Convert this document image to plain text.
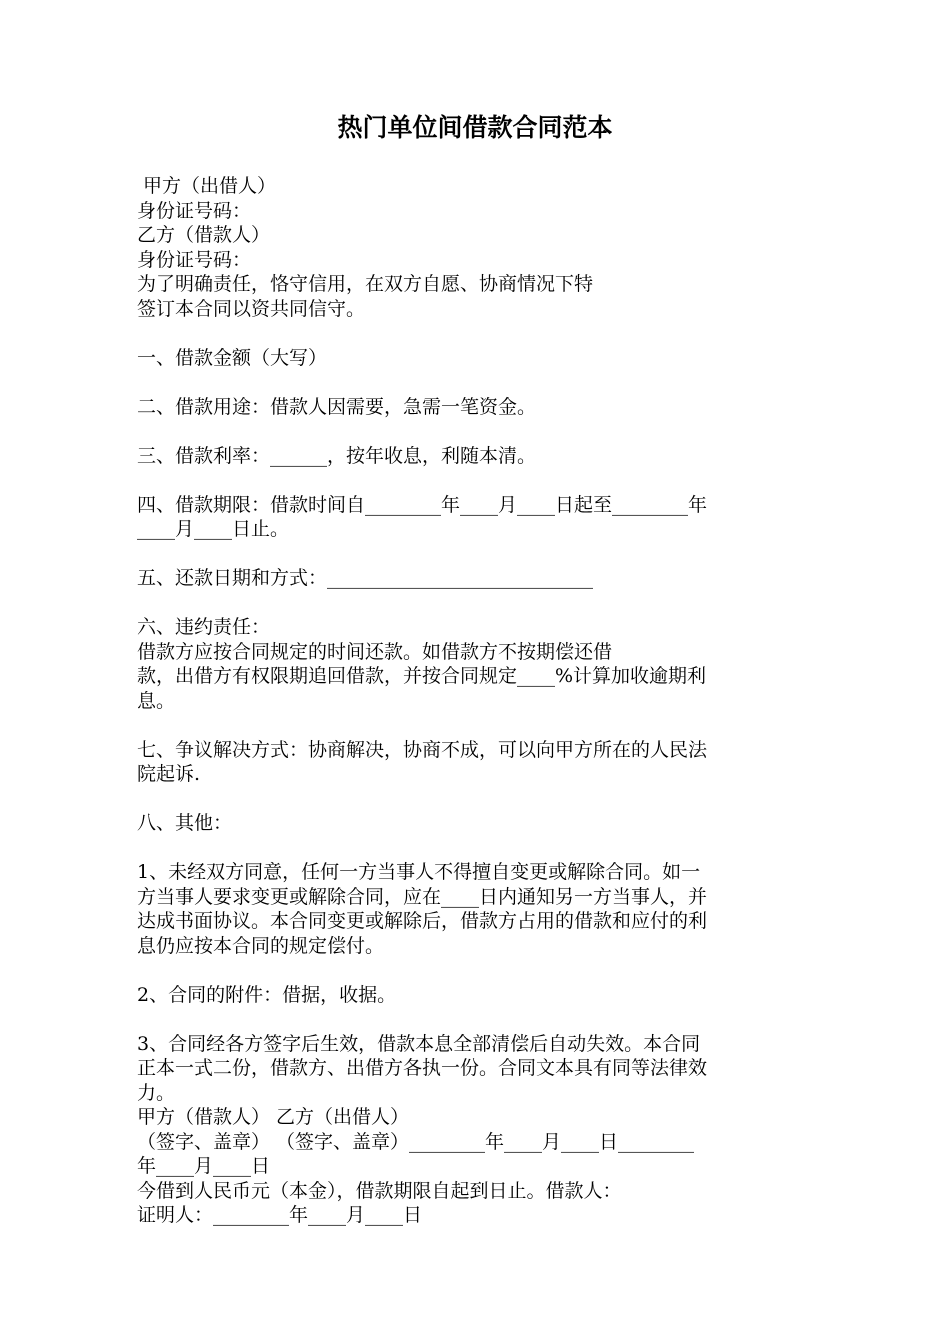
热门单位间借款合同范本

甲方（出借人）

身份证号码：

乙方（借款人）

身份证号码：

为了明确责任，恪守信用，在双方自愿、协商情况下特

签订本合同以资共同信守。

一、借款金额（大写）

二、借款用途：借款人因需要，急需一笔资金。

三、借款利率：______，按年收息，利随本清。

四、借款期限：借款时间自________年____月____日起至________年

____月____日止。

五、还款日期和方式：____________________________

六、违约责任：

借款方应按合同规定的时间还款。如借款方不按期偿还借

款，出借方有权限期追回借款，并按合同规定____%计算加收逾期利

息。

七、争议解决方式：协商解决，协商不成，可以向甲方所在的人民法

院起诉.

八、其他：

1、未经双方同意，任何一方当事人不得擅自变更或解除合同。如一

方当事人要求变更或解除合同，应在____日内通知另一方当事人，并

达成书面协议。本合同变更或解除后，借款方占用的借款和应付的利

息仍应按本合同的规定偿付。

2、合同的附件：借据，收据。

3、合同经各方签字后生效，借款本息全部清偿后自动失效。本合同

正本一式二份，借款方、出借方各执一份。合同文本具有同等法律效

力。

甲方（借款人） 乙方（出借人）

（签字、盖章） （签字、盖章）________年____月____日________

年____月____日

今借到人民币元（本金），借款期限自起到日止。借款人：

证明人：________年____月____日
